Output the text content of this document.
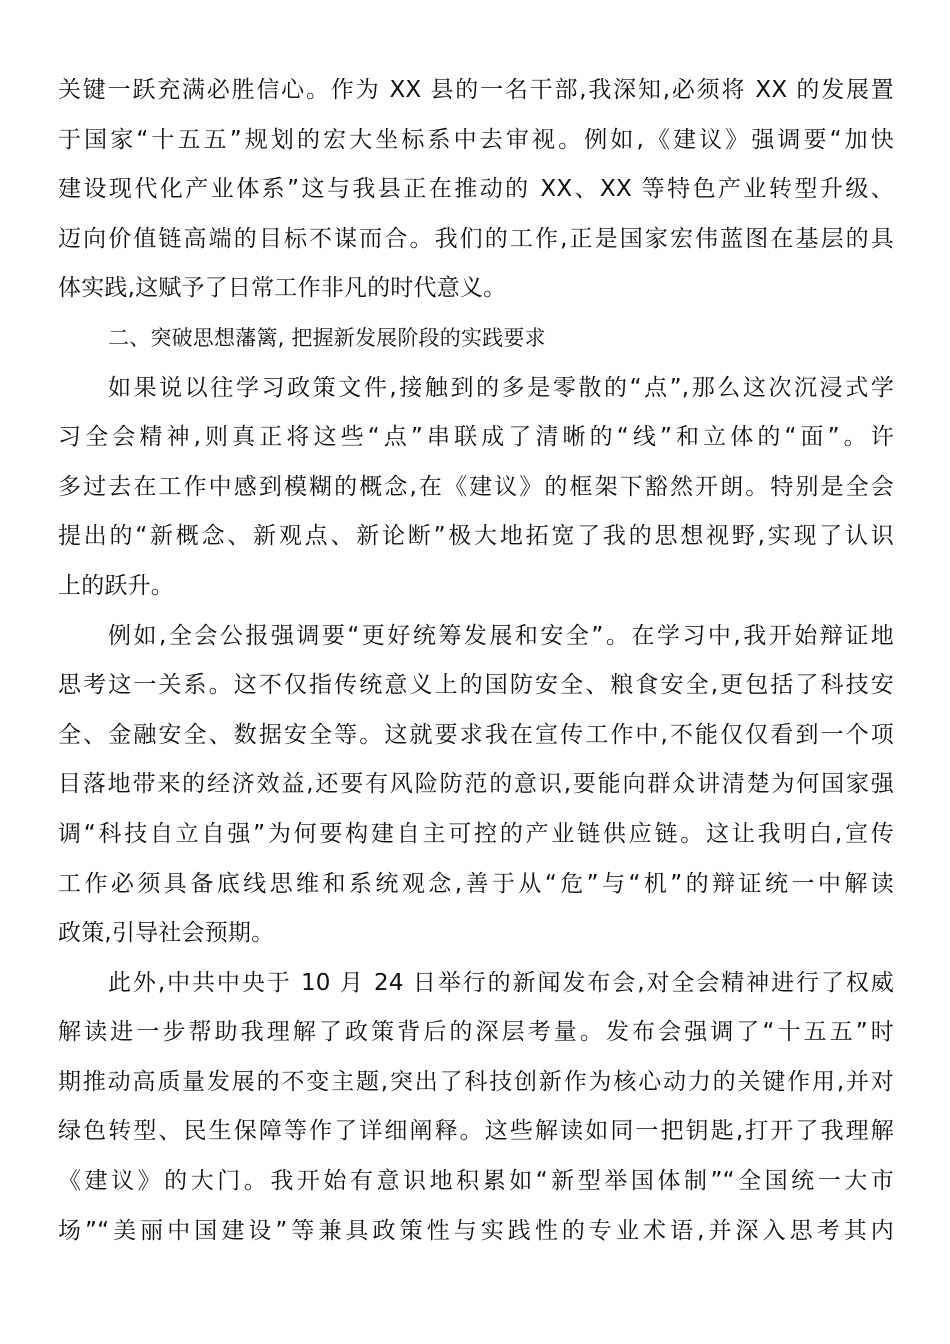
关键一跃充满必胜信心。作为 XX 县的一名干部,我深知,必须将 XX 的发展置
于国家“十五五”规划的宏大坐标系中去审视。例如,《建议》强调要“加快
建设现代化产业体系”这与我县正在推动的 XX、XX 等特色产业转型升级、
迈向价值链高端的目标不谋而合。我们的工作,正是国家宏伟蓝图在基层的具
体实践,这赋予了日常工作非凡的时代意义。
二、突破思想藩篱, 把握新发展阶段的实践要求
如果说以往学习政策文件,接触到的多是零散的“点”,那么这次沉浸式学
习全会精神,则真正将这些“点”串联成了清晰的“线”和立体的“面”。许
多过去在工作中感到模糊的概念,在《建议》的框架下豁然开朗。特别是全会
提出的“新概念、新观点、新论断”极大地拓宽了我的思想视野,实现了认识
上的跃升。
例如,全会公报强调要“更好统筹发展和安全”。在学习中,我开始辩证地
思考这一关系。这不仅指传统意义上的国防安全、粮食安全,更包括了科技安
全、金融安全、数据安全等。这就要求我在宣传工作中,不能仅仅看到一个项
目落地带来的经济效益,还要有风险防范的意识,要能向群众讲清楚为何国家强
调“科技自立自强”为何要构建自主可控的产业链供应链。这让我明白,宣传
工作必须具备底线思维和系统观念,善于从“危”与“机”的辩证统一中解读
政策,引导社会预期。
此外,中共中央于 10 月 24 日举行的新闻发布会,对全会精神进行了权威
解读进一步帮助我理解了政策背后的深层考量。发布会强调了“十五五”时
期推动高质量发展的不变主题,突出了科技创新作为核心动力的关键作用,并对
绿色转型、民生保障等作了详细阐释。这些解读如同一把钥匙,打开了我理解
《建议》的大门。我开始有意识地积累如“新型举国体制”“全国统一大市
场”“美丽中国建设”等兼具政策性与实践性的专业术语,并深入思考其内
